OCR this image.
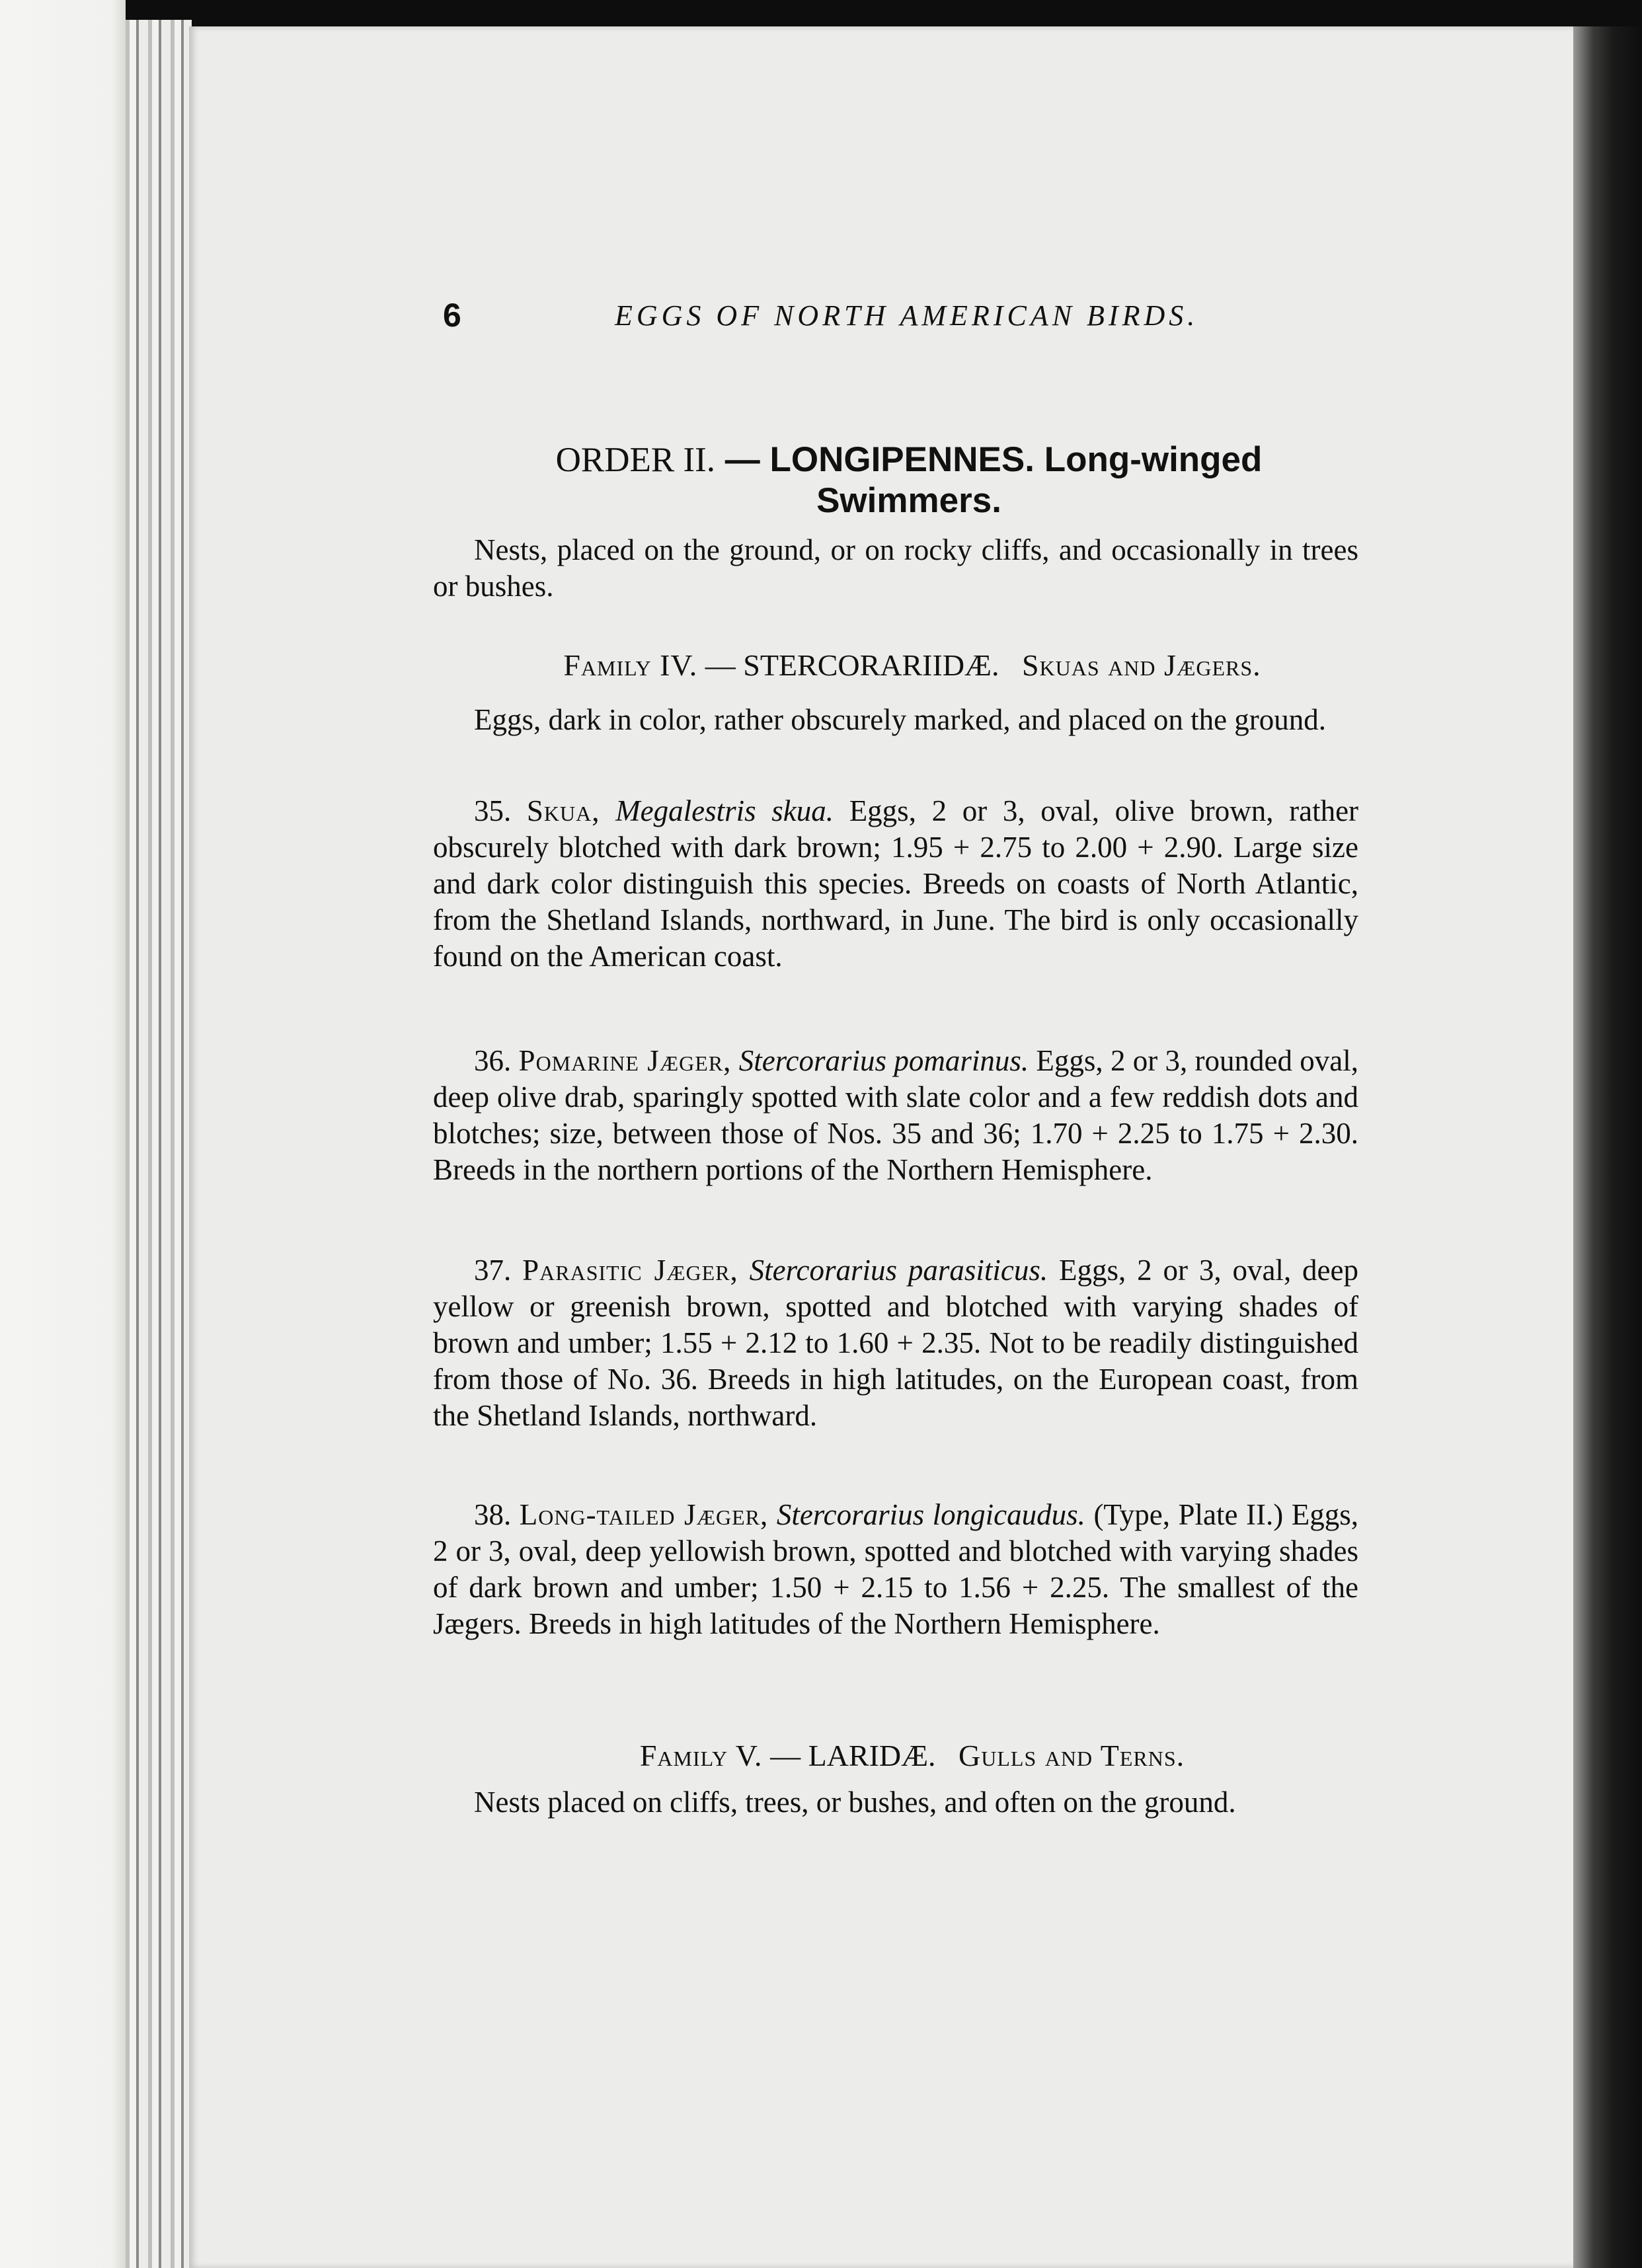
6	EGGS OF NORTH AMERICAN BIRDS.
ORDER II. — LONGIPENNES. Long-winged Swimmers.
Nests, placed on the ground, or on rocky cliffs, and occasionally in trees or bushes.
Family IV. — STERCORARIIDÆ. Skuas and Jægers.
Eggs, dark in color, rather obscurely marked, and placed on the ground.
35. Skua, Megalestris skua. Eggs, 2 or 3, oval, olive brown, rather obscurely blotched with dark brown; 1.95 + 2.75 to 2.00 + 2.90. Large size and dark color distinguish this species. Breeds on coasts of North Atlantic, from the Shetland Islands, northward, in June. The bird is only occasionally found on the American coast.
36. Pomarine Jæger, Stercorarius pomarinus. Eggs, 2 or 3, rounded oval, deep olive drab, sparingly spotted with slate color and a few reddish dots and blotches; size, between those of Nos. 35 and 36; 1.70 + 2.25 to 1.75 + 2.30. Breeds in the northern portions of the Northern Hemisphere.
37. Parasitic Jæger, Stercorarius parasiticus. Eggs, 2 or 3, oval, deep yellow or greenish brown, spotted and blotched with varying shades of brown and umber; 1.55 + 2.12 to 1.60 + 2.35. Not to be readily distinguished from those of No. 36. Breeds in high latitudes, on the European coast, from the Shetland Islands, northward.
38. Long-tailed Jæger, Stercorarius longicaudus. (Type, Plate II.) Eggs, 2 or 3, oval, deep yellowish brown, spotted and blotched with varying shades of dark brown and umber; 1.50 + 2.15 to 1.56 + 2.25. The smallest of the Jægers. Breeds in high latitudes of the Northern Hemisphere.
Family V. — LARIDÆ. Gulls and Terns.
Nests placed on cliffs, trees, or bushes, and often on the ground.
